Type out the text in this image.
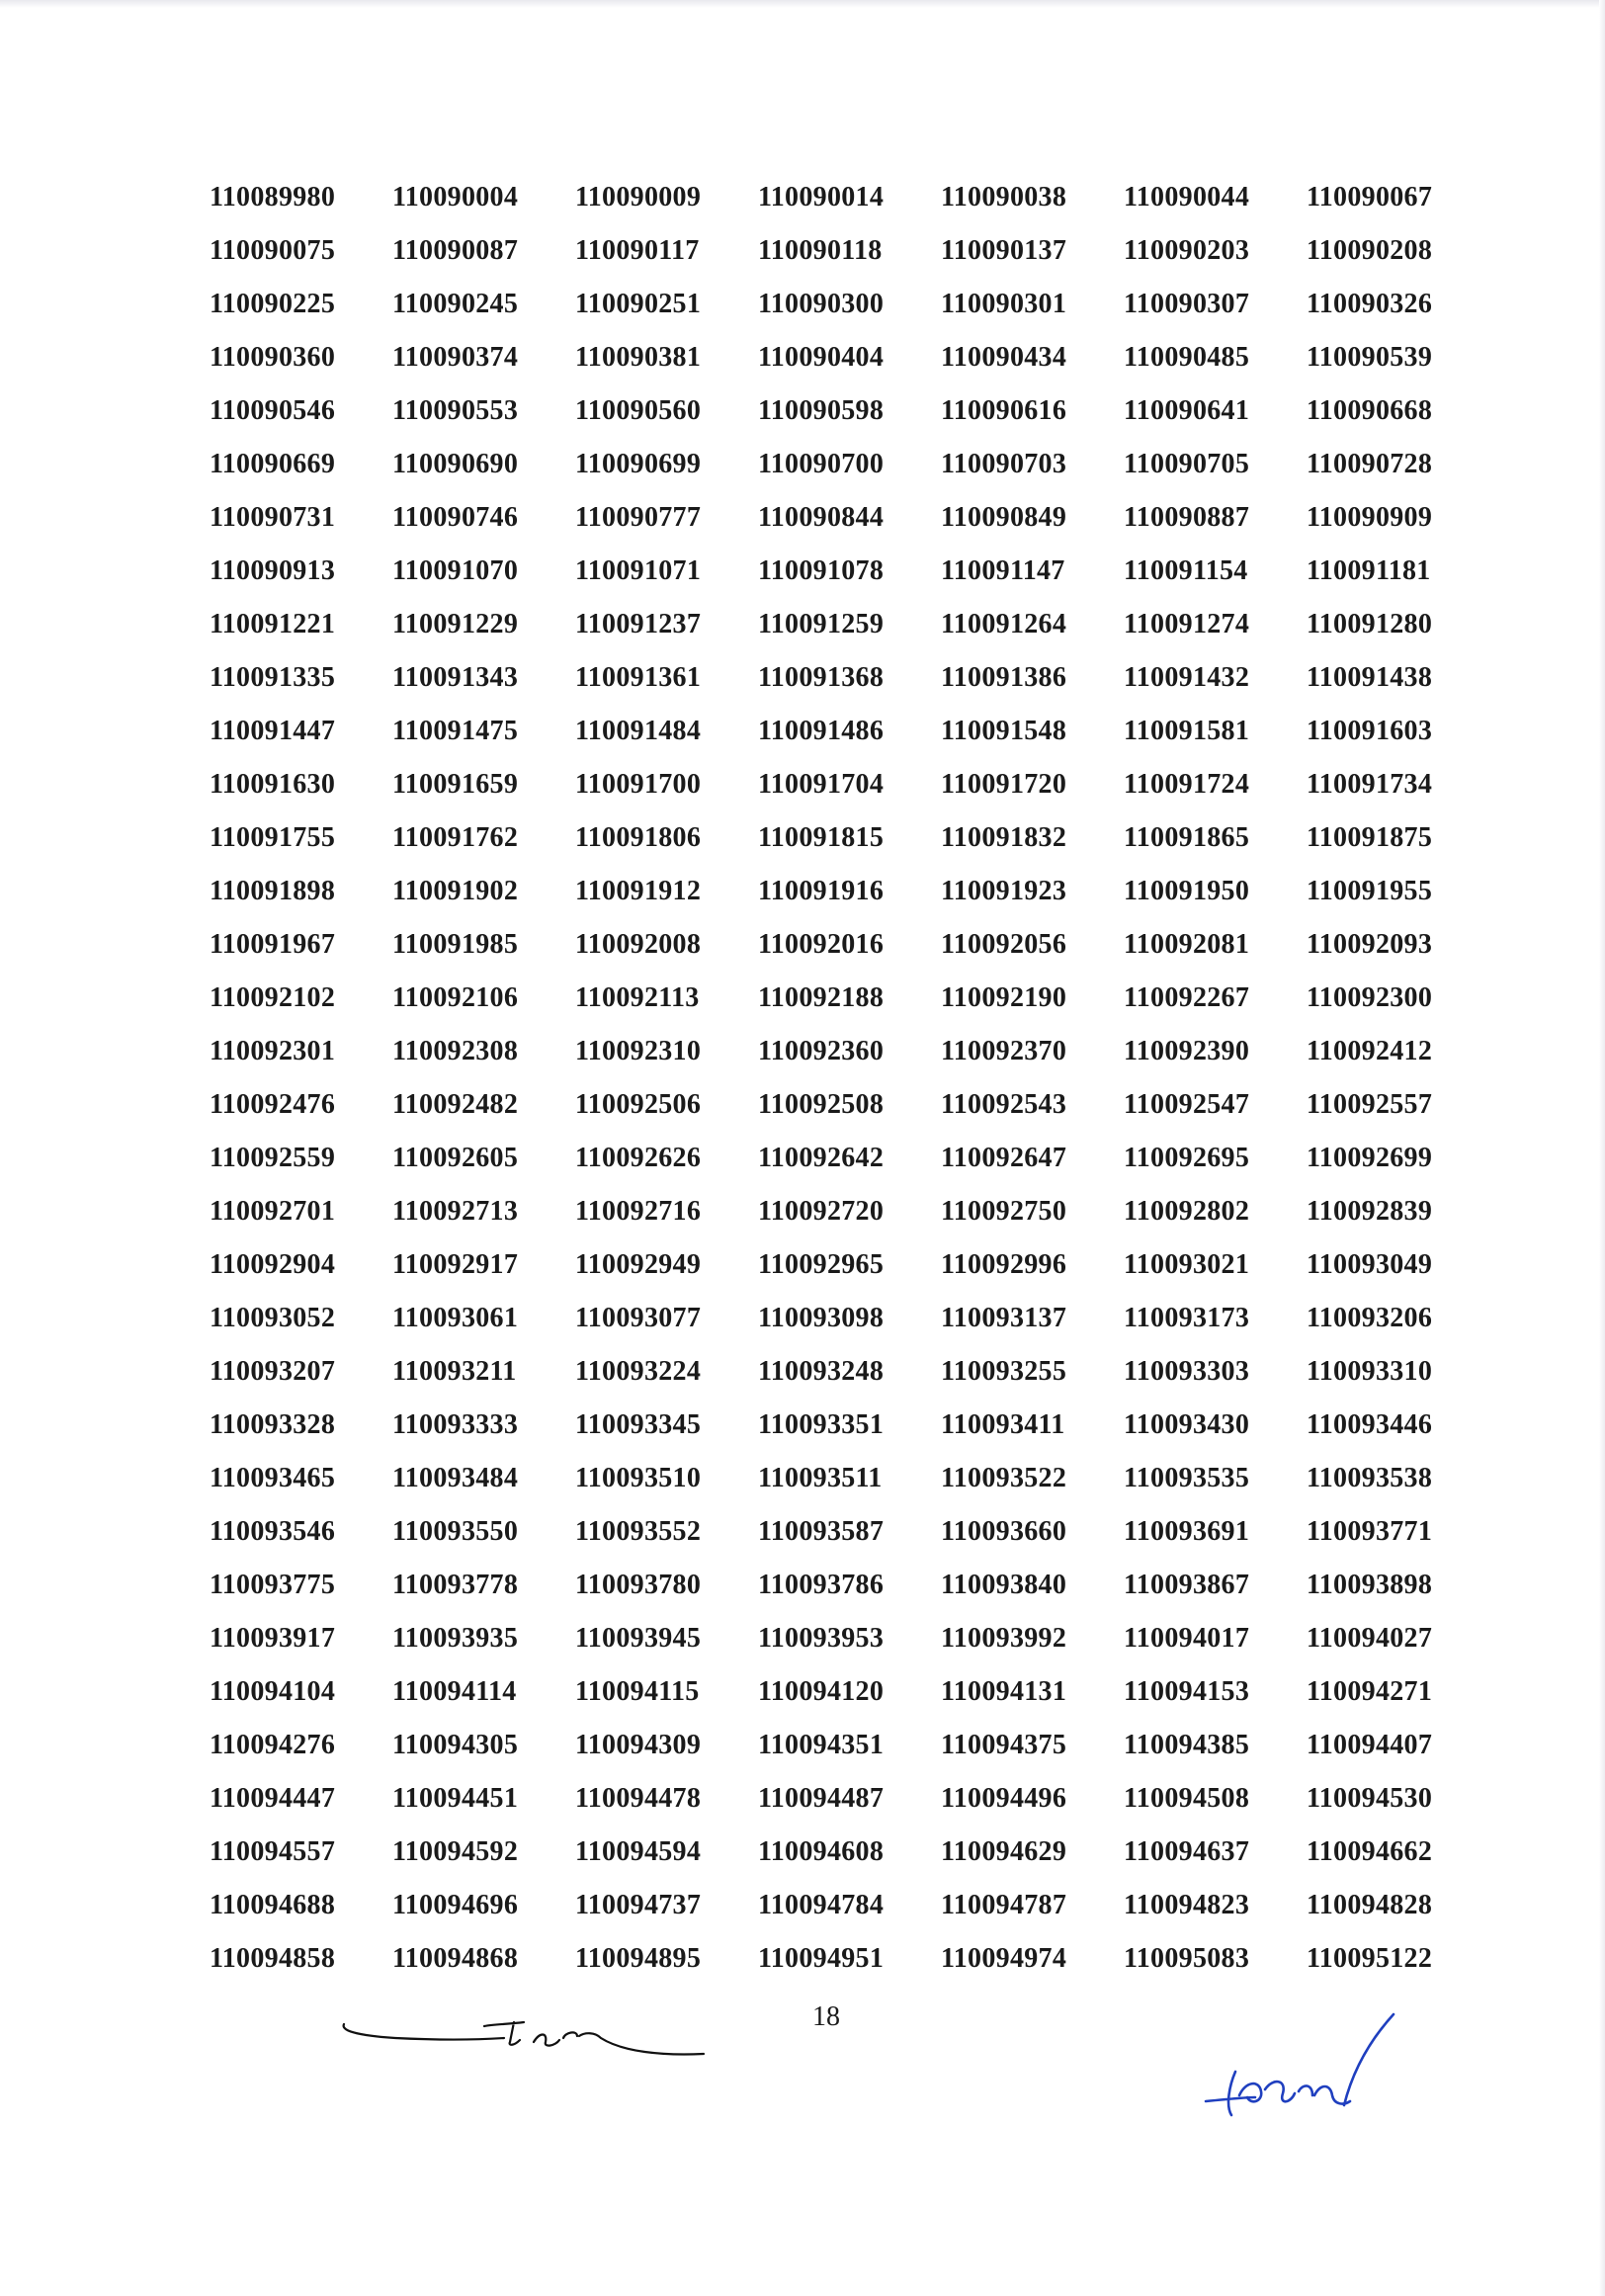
110089980	110090004	110090009	110090014	110090038	110090044	110090067
110090075	110090087	110090117	110090118	110090137	110090203	110090208
110090225	110090245	110090251	110090300	110090301	110090307	110090326
110090360	110090374	110090381	110090404	110090434	110090485	110090539
110090546	110090553	110090560	110090598	110090616	110090641	110090668
110090669	110090690	110090699	110090700	110090703	110090705	110090728
110090731	110090746	110090777	110090844	110090849	110090887	110090909
110090913	110091070	110091071	110091078	110091147	110091154	110091181
110091221	110091229	110091237	110091259	110091264	110091274	110091280
110091335	110091343	110091361	110091368	110091386	110091432	110091438
110091447	110091475	110091484	110091486	110091548	110091581	110091603
110091630	110091659	110091700	110091704	110091720	110091724	110091734
110091755	110091762	110091806	110091815	110091832	110091865	110091875
110091898	110091902	110091912	110091916	110091923	110091950	110091955
110091967	110091985	110092008	110092016	110092056	110092081	110092093
110092102	110092106	110092113	110092188	110092190	110092267	110092300
110092301	110092308	110092310	110092360	110092370	110092390	110092412
110092476	110092482	110092506	110092508	110092543	110092547	110092557
110092559	110092605	110092626	110092642	110092647	110092695	110092699
110092701	110092713	110092716	110092720	110092750	110092802	110092839
110092904	110092917	110092949	110092965	110092996	110093021	110093049
110093052	110093061	110093077	110093098	110093137	110093173	110093206
110093207	110093211	110093224	110093248	110093255	110093303	110093310
110093328	110093333	110093345	110093351	110093411	110093430	110093446
110093465	110093484	110093510	110093511	110093522	110093535	110093538
110093546	110093550	110093552	110093587	110093660	110093691	110093771
110093775	110093778	110093780	110093786	110093840	110093867	110093898
110093917	110093935	110093945	110093953	110093992	110094017	110094027
110094104	110094114	110094115	110094120	110094131	110094153	110094271
110094276	110094305	110094309	110094351	110094375	110094385	110094407
110094447	110094451	110094478	110094487	110094496	110094508	110094530
110094557	110094592	110094594	110094608	110094629	110094637	110094662
110094688	110094696	110094737	110094784	110094787	110094823	110094828
110094858	110094868	110094895	110094951	110094974	110095083	110095122
18
